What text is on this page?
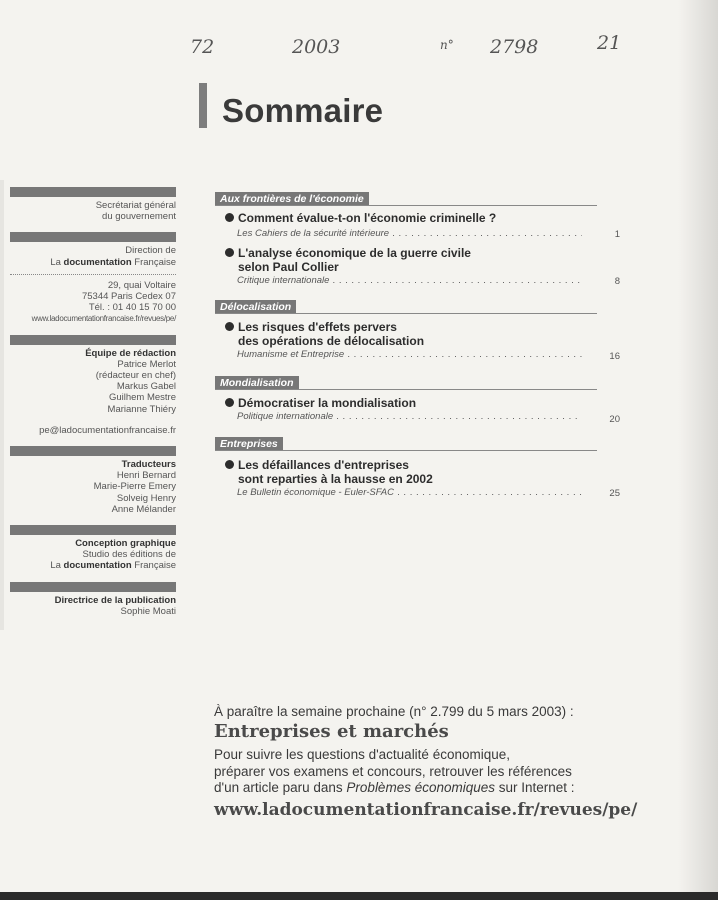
72	2003	n° 2798	21
Sommaire
Secrétariat général
du gouvernement
Direction de
La documentation Française
29, quai Voltaire
75344 Paris Cedex 07
Tél. : 01 40 15 70 00
www.ladocumentationfrancaise.fr/revues/pe/
Équipe de rédaction
Patrice Merlot
(rédacteur en chef)
Markus Gabel
Guilhem Mestre
Marianne Thiéry
pe@ladocumentationfrancaise.fr
Traducteurs
Henri Bernard
Marie-Pierre Emery
Solveig Henry
Anne Mélander
Conception graphique
Studio des éditions de
La documentation Française
Directrice de la publication
Sophie Moati
Aux frontières de l'économie
Comment évalue-t-on l'économie criminelle ?
Les Cahiers de la sécurité intérieure . . .	1
L'analyse économique de la guerre civile
selon Paul Collier
Critique internationale . . .	8
Délocalisation
Les risques d'effets pervers
des opérations de délocalisation
Humanisme et Entreprise . . .	16
Mondialisation
Démocratiser la mondialisation
Politique internationale . . .	20
Entreprises
Les défaillances d'entreprises
sont reparties à la hausse en 2002
Le Bulletin économique - Euler-SFAC . . .	25
À paraître la semaine prochaine (n° 2.799 du 5 mars 2003) :
Entreprises et marchés
Pour suivre les questions d'actualité économique,
préparer vos examens et concours, retrouver les références
d'un article paru dans Problèmes économiques sur Internet :
www.ladocumentationfrancaise.fr/revues/pe/
